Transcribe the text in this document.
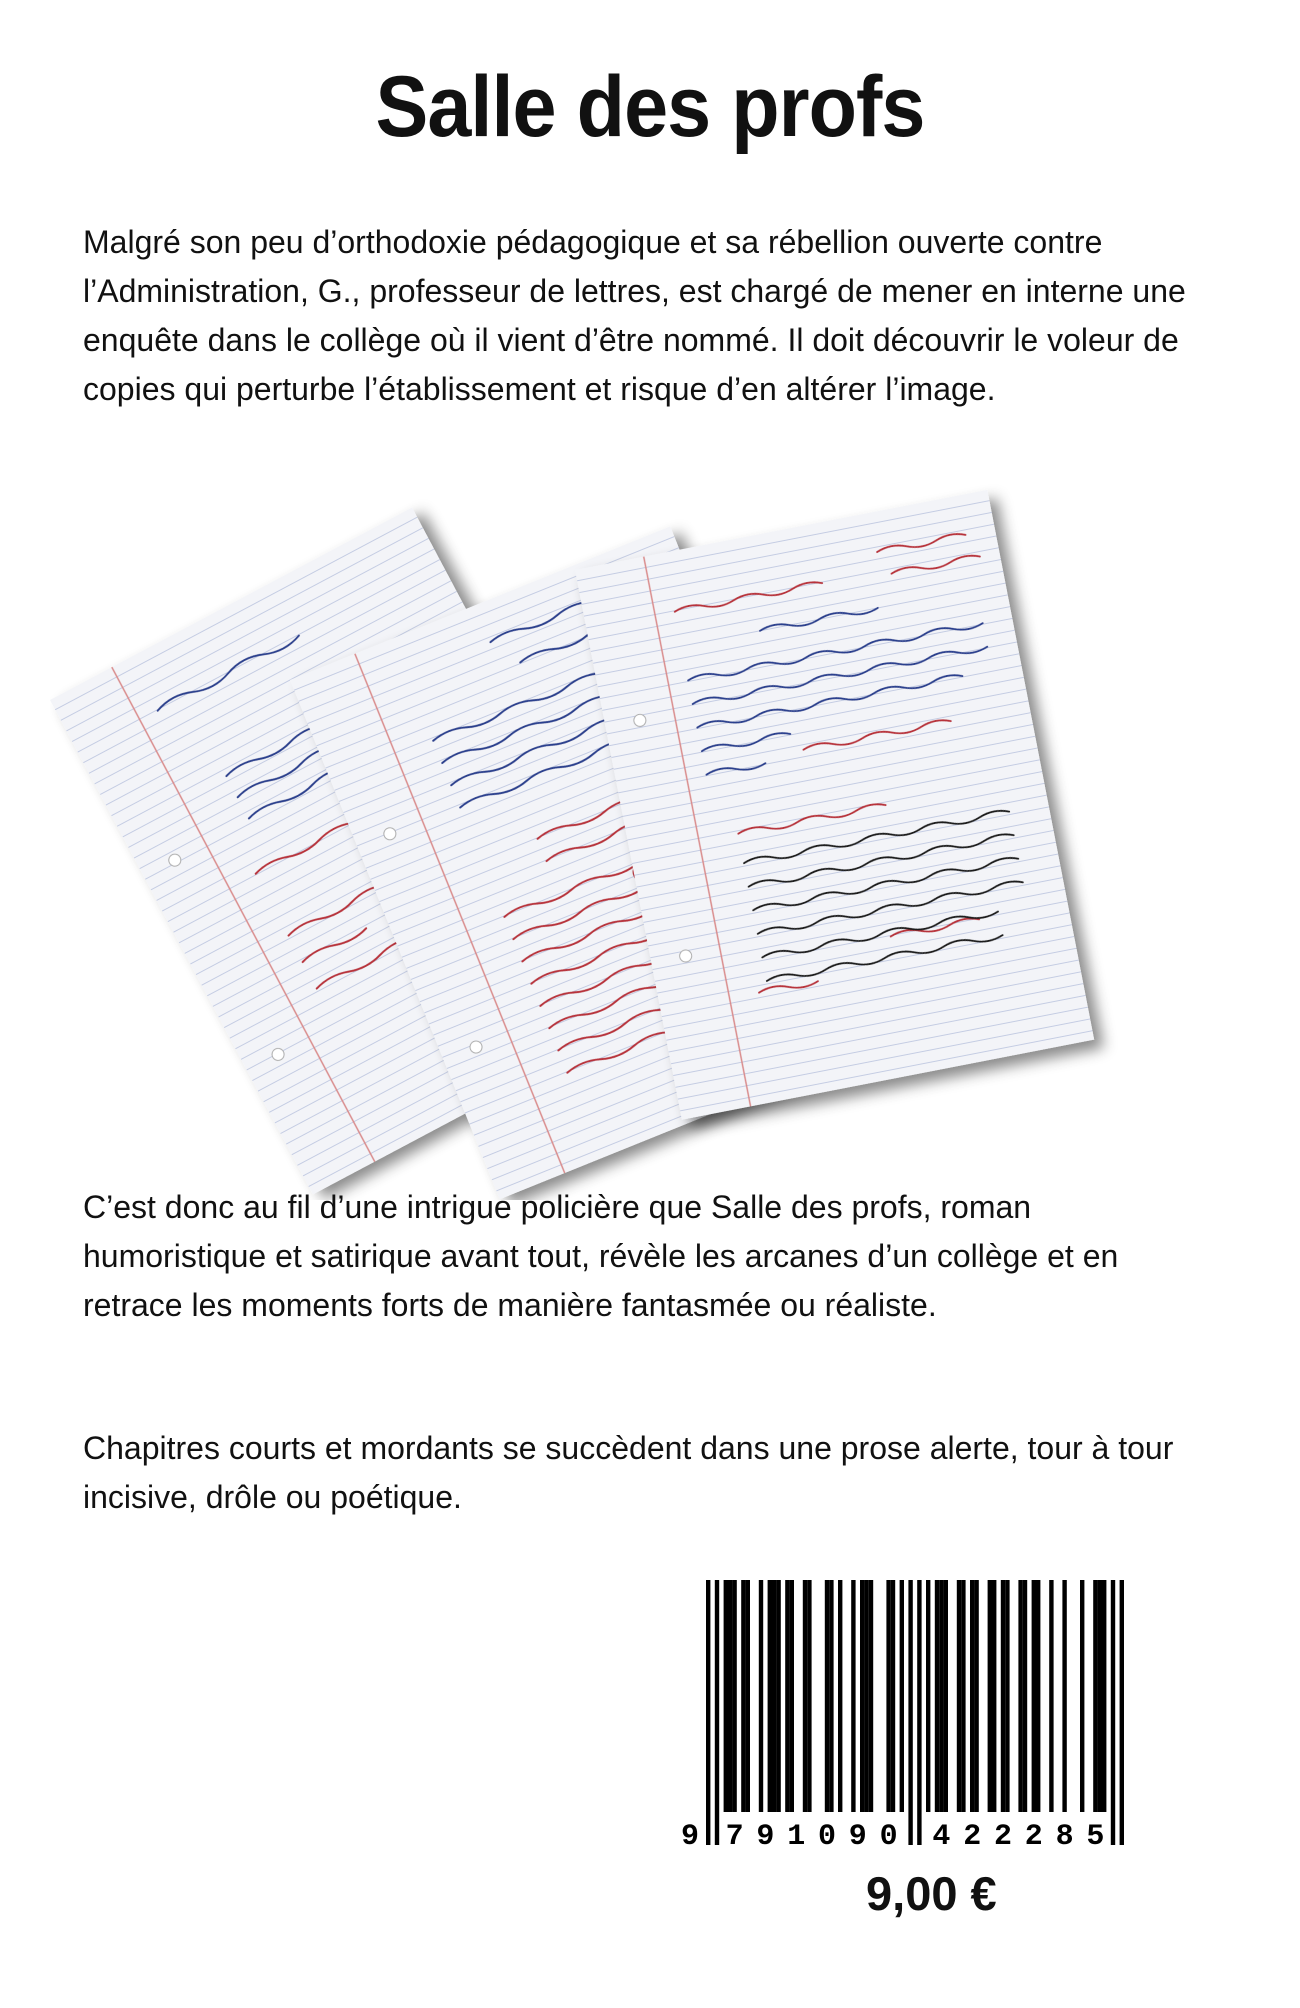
Salle des profs

Malgré son peu d’orthodoxie pédagogique et sa rébellion ouverte contre l’Administration, G., professeur de lettres, est chargé de mener en interne une enquête dans le collège où il vient d’être nommé. Il doit découvrir le voleur de copies qui perturbe l’établissement et risque d’en altérer l’image.

C’est donc au fil d’une intrigue policière que Salle des profs, roman humoristique et satirique avant tout, révèle les arcanes d’un collège et en retrace les moments forts de manière fantasmée ou réaliste.

Chapitres courts et mordants se succèdent dans une prose alerte, tour à tour incisive, drôle ou poétique.

9 7 9 1 0 9 0 4 2 2 2 8 5

9,00 €
